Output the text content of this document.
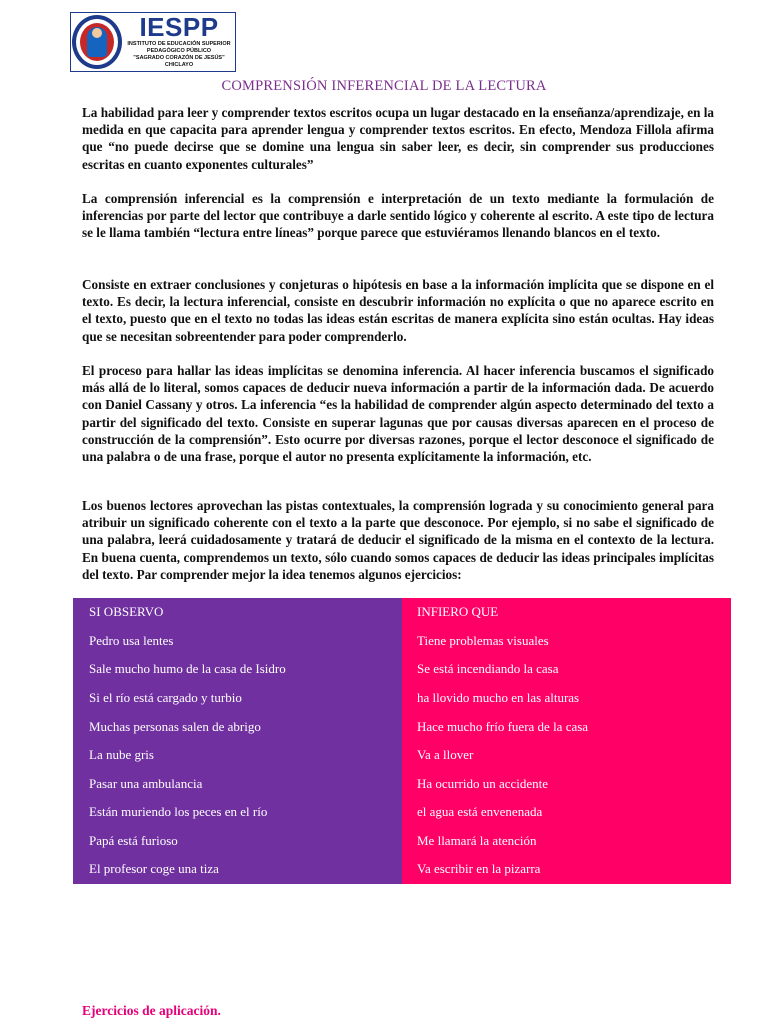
IESPP
INSTITUTO DE EDUCACIÓN SUPERIOR
PEDAGÓGICO PÚBLICO
"SAGRADO CORAZÓN DE JESÚS"
CHICLAYO
COMPRENSIÓN INFERENCIAL DE LA LECTURA

La habilidad para leer y comprender textos escritos ocupa un lugar destacado en la enseñanza/aprendizaje, en la medida en que capacita para aprender lengua y comprender textos escritos. En efecto, Mendoza Fillola afirma que “no puede decirse que se domine una lengua sin saber leer, es decir, sin comprender sus producciones escritas en cuanto exponentes culturales”

La comprensión inferencial es la comprensión e interpretación de un texto mediante la formulación de inferencias por parte del lector que contribuye a darle sentido lógico y coherente al escrito. A este tipo de lectura se le llama también “lectura entre líneas” porque parece que estuviéramos llenando blancos en el texto.

Consiste en extraer conclusiones y conjeturas o hipótesis en base a la información implícita que se dispone en el texto. Es decir, la lectura inferencial, consiste en descubrir información no explícita o que no aparece escrito en el texto, puesto que en el texto no todas las ideas están escritas de manera explícita sino están ocultas. Hay ideas que se necesitan sobreentender para poder comprenderlo.

El proceso para hallar las ideas implícitas se denomina inferencia. Al hacer inferencia buscamos el significado más allá de lo literal, somos capaces de deducir nueva información a partir de la información dada. De acuerdo con Daniel Cassany y otros. La inferencia “es la habilidad de comprender algún aspecto determinado del texto a partir del significado del texto. Consiste en superar lagunas que por causas diversas aparecen en el proceso de construcción de la comprensión”. Esto ocurre por diversas razones, porque el lector desconoce el significado de una palabra o de una frase, porque el autor no presenta explícitamente la información, etc.

Los buenos lectores aprovechan las pistas contextuales, la comprensión lograda y su conocimiento general para atribuir un significado coherente con el texto a la parte que desconoce. Por ejemplo, si no sabe el significado de una palabra, leerá cuidadosamente y tratará de deducir el significado de la misma en el contexto de la lectura. En buena cuenta, comprendemos un texto, sólo cuando somos capaces de deducir las ideas principales implícitas del texto. Par comprender mejor la idea tenemos algunos ejercicios:

SI OBSERVO	INFIERO QUE
Pedro usa lentes	Tiene problemas visuales
Sale mucho humo de la casa de Isidro	Se está incendiando la casa
Si el río está cargado y turbio	ha llovido mucho en las alturas
Muchas personas salen de abrigo	Hace mucho frío fuera de la casa
La nube gris	Va a llover
Pasar una ambulancia	Ha ocurrido un accidente
Están muriendo los peces en el río	el agua está envenenada
Papá está furioso	Me llamará la atención
El profesor coge una tiza	Va escribir en la pizarra
Ejercicios de aplicación.
